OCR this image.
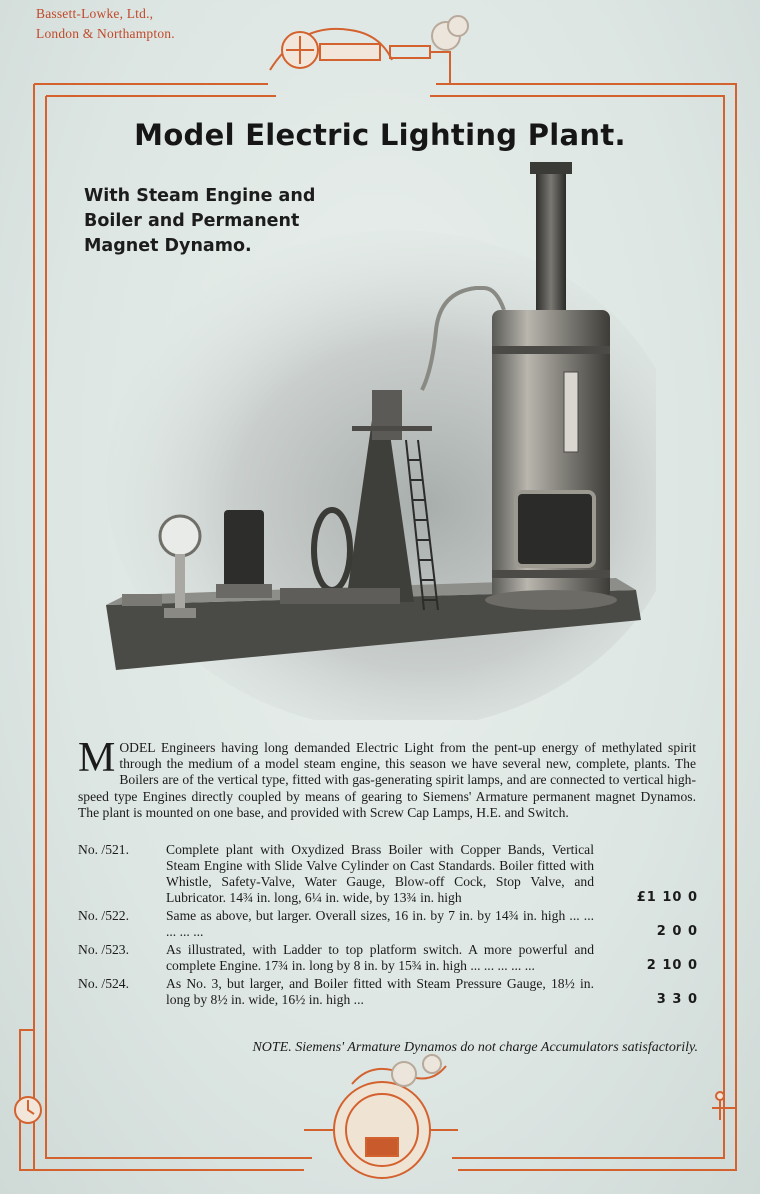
Bassett-Lowke, Ltd.,
London & Northampton.
Model Electric Lighting Plant.
With Steam Engine and Boiler and Permanent Magnet Dynamo.
MODEL Engineers having long demanded Electric Light from the pent-up energy of methylated spirit through the medium of a model steam engine, this season we have several new, complete, plants. The Boilers are of the vertical type, fitted with gas-generating spirit lamps, and are connected to vertical high-speed type Engines directly coupled by means of gearing to Siemens' Armature permanent magnet Dynamos. The plant is mounted on one base, and provided with Screw Cap Lamps, H.E. and Switch.
No. /521.	Complete plant with Oxydized Brass Boiler with Copper Bands, Vertical Steam Engine with Slide Valve Cylinder on Cast Standards. Boiler fitted with Whistle, Safety-Valve, Water Gauge, Blow-off Cock, Stop Valve, and Lubricator. 14¾ in. long, 6¼ in. wide, by 13¾ in. high	£1 10 0
No. /522.	Same as above, but larger. Overall sizes, 16 in. by 7 in. by 14¾ in. high ... ... ... ... ...	2 0 0
No. /523.	As illustrated, with Ladder to top platform switch. A more powerful and complete Engine. 17¾ in. long by 8 in. by 15¾ in. high ... ... ... ... ...	2 10 0
No. /524.	As No. 3, but larger, and Boiler fitted with Steam Pressure Gauge, 18½ in. long by 8½ in. wide, 16½ in. high ...	3 3 0
NOTE. Siemens' Armature Dynamos do not charge Accumulators satisfactorily.
